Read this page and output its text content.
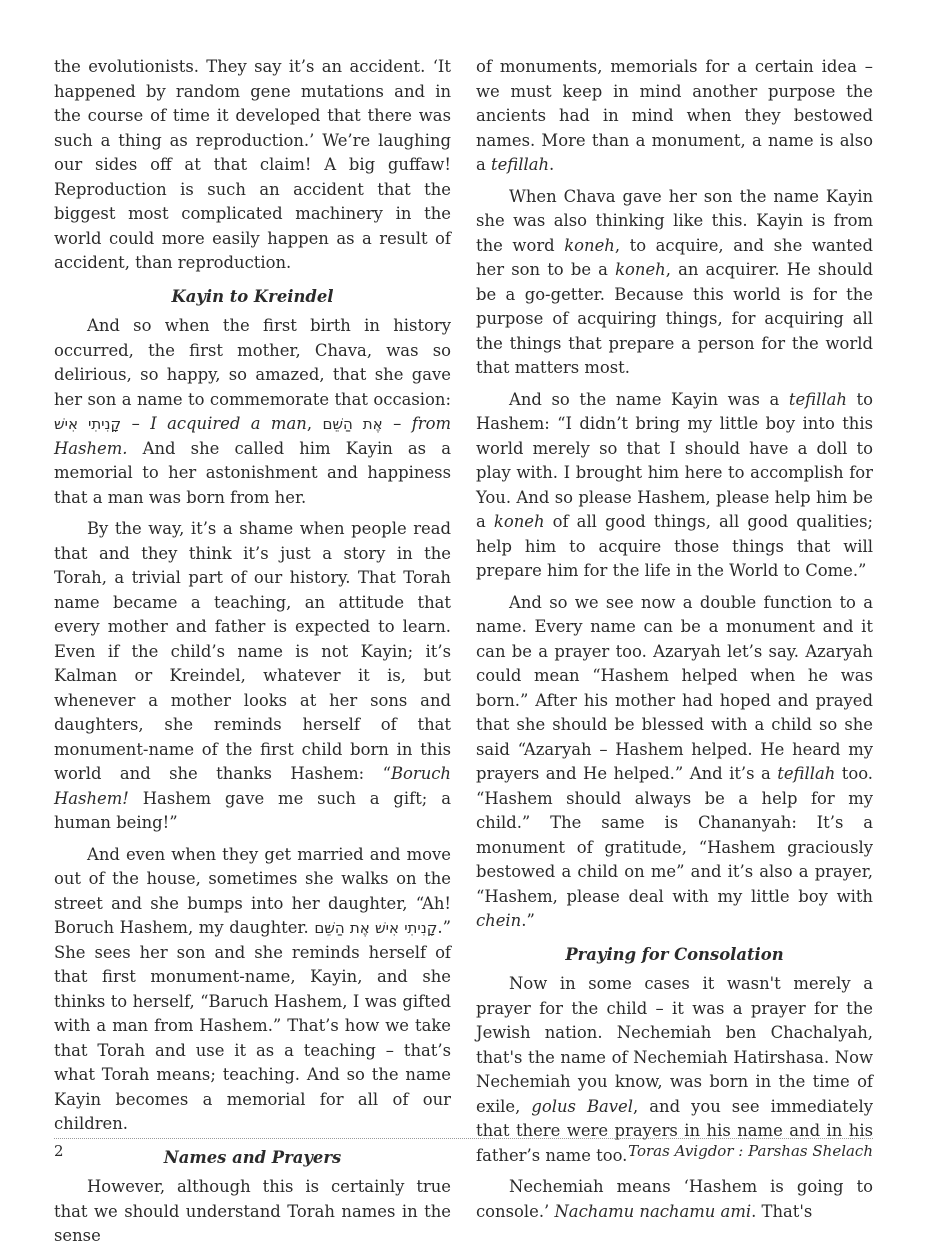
the evolutionists. They say it’s an accident. ‘It happened by random gene mutations and in the course of time it developed that there was such a thing as reproduction.’ We’re laughing our sides off at that claim! A big guffaw! Reproduction is such an accident that the biggest most complicated machinery in the world could more easily happen as a result of accident, than reproduction.

Kayin to Kreindel

And so when the first birth in history occurred, the first mother, Chava, was so delirious, so happy, so amazed, that she gave her son a name to commemorate that occasion: קָנִיתִי אִישׁ – I acquired a man, אֶת הַשֵּׁם – from Hashem. And she called him Kayin as a memorial to her astonishment and happiness that a man was born from her.

By the way, it’s a shame when people read that and they think it’s just a story in the Torah, a trivial part of our history. That Torah name became a teaching, an attitude that every mother and father is expected to learn. Even if the child’s name is not Kayin; it’s Kalman or Kreindel, whatever it is, but whenever a mother looks at her sons and daughters, she reminds herself of that monument-name of the first child born in this world and she thanks Hashem: “Boruch Hashem! Hashem gave me such a gift; a human being!”

And even when they get married and move out of the house, sometimes she walks on the street and she bumps into her daughter, “Ah! Boruch Hashem, my daughter. קָנִיתִי אִישׁ אֶת הַשֵּׁם.” She sees her son and she reminds herself of that first monument-name, Kayin, and she thinks to herself, “Baruch Hashem, I was gifted with a man from Hashem.” That’s how we take that Torah and use it as a teaching – that’s what Torah means; teaching. And so the name Kayin becomes a memorial for all of our children.

Names and Prayers

However, although this is certainly true that we should understand Torah names in the sense

of monuments, memorials for a certain idea – we must keep in mind another purpose the ancients had in mind when they bestowed names. More than a monument, a name is also a tefillah.

When Chava gave her son the name Kayin she was also thinking like this. Kayin is from the word koneh, to acquire, and she wanted her son to be a koneh, an acquirer. He should be a go-getter. Because this world is for the purpose of acquiring things, for acquiring all the things that prepare a person for the world that matters most.

And so the name Kayin was a tefillah to Hashem: “I didn’t bring my little boy into this world merely so that I should have a doll to play with. I brought him here to accomplish for You. And so please Hashem, please help him be a koneh of all good things, all good qualities; help him to acquire those things that will prepare him for the life in the World to Come.”

And so we see now a double function to a name. Every name can be a monument and it can be a prayer too. Azaryah let’s say. Azaryah could mean “Hashem helped when he was born.” After his mother had hoped and prayed that she should be blessed with a child so she said “Azaryah – Hashem helped. He heard my prayers and He helped.” And it’s a tefillah too. “Hashem should always be a help for my child.” The same is Chananyah: It’s a monument of gratitude, “Hashem graciously bestowed a child on me” and it’s also a prayer, “Hashem, please deal with my little boy with chein.”

Praying for Consolation

Now in some cases it wasn't merely a prayer for the child – it was a prayer for the Jewish nation. Nechemiah ben Chachalyah, that's the name of Nechemiah Hatirshasa. Now Nechemiah you know, was born in the time of exile, golus Bavel, and you see immediately that there were prayers in his name and in his father’s name too.

Nechemiah means ‘Hashem is going to console.’ Nachamu nachamu ami. That's

2	Toras Avigdor : Parshas Shelach
